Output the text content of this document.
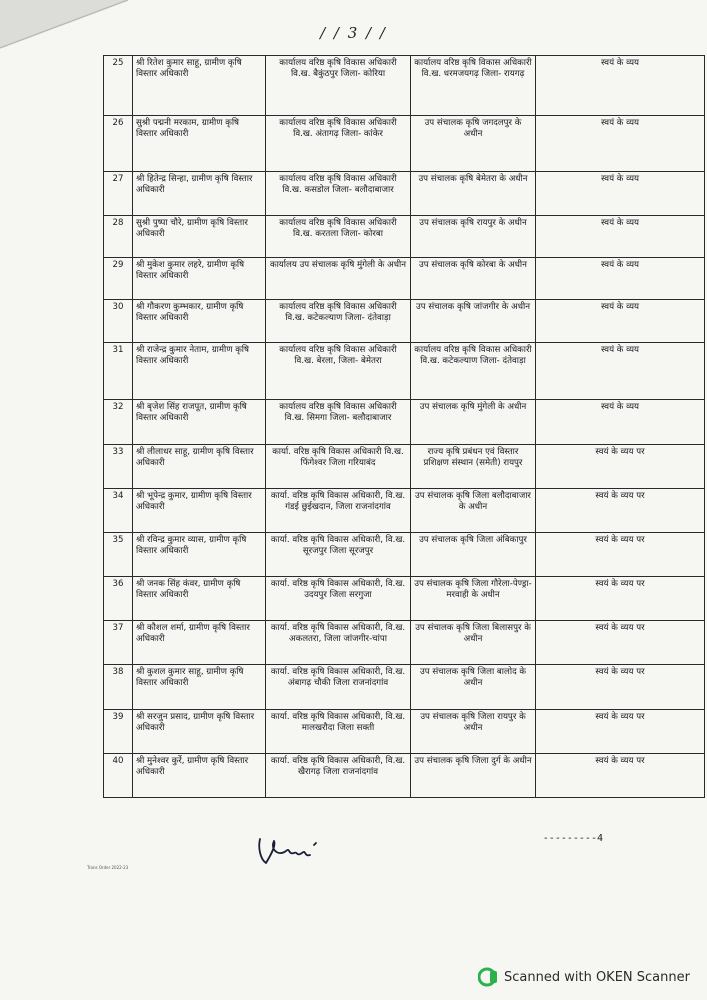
/ / 3 / /
25	श्री रितेश कुमार साहू, ग्रामीण कृषि विस्तार अधिकारी	कार्यालय वरिष्ठ कृषि विकास अधिकारी वि.ख. बैकुंठपुर जिला- कोरिया	कार्यालय वरिष्ठ कृषि विकास अधिकारी वि.ख. धरमजयगढ़ जिला- रायगढ़	स्वयं के व्यय
26	सुश्री पद्मनी मरकाम, ग्रामीण कृषि विस्तार अधिकारी	कार्यालय वरिष्ठ कृषि विकास अधिकारी वि.ख. अंतागढ़ जिला- कांकेर	उप संचालक कृषि जगदलपुर के अधीन	स्वयं के व्यय
27	श्री हितेन्द्र सिन्हा, ग्रामीण कृषि विस्तार अधिकारी	कार्यालय वरिष्ठ कृषि विकास अधिकारी वि.ख. कसडोल जिला- बलौदाबाजार	उप संचालक कृषि बेमेतरा के अधीन	स्वयं के व्यय
28	सुश्री पुष्पा चौरे, ग्रामीण कृषि विस्तार अधिकारी	कार्यालय वरिष्ठ कृषि विकास अधिकारी वि.ख. करतला जिला- कोरबा	उप संचालक कृषि रायपुर के अधीन	स्वयं के व्यय
29	श्री मुकेश कुमार लहरे, ग्रामीण कृषि विस्तार अधिकारी	कार्यालय उप संचालक कृषि मुंगेली के अधीन	उप संचालक कृषि कोरबा के अधीन	स्वयं के व्यय
30	श्री गौकरण कुम्भकार, ग्रामीण कृषि विस्तार अधिकारी	कार्यालय वरिष्ठ कृषि विकास अधिकारी वि.ख. कटेकल्याण जिला- दंतेवाड़ा	उप संचालक कृषि जांजगीर के अधीन	स्वयं के व्यय
31	श्री राजेन्द्र कुमार नेताम, ग्रामीण कृषि विस्तार अधिकारी	कार्यालय वरिष्ठ कृषि विकास अधिकारी वि.ख. बेरला, जिला- बेमेतरा	कार्यालय वरिष्ठ कृषि विकास अधिकारी वि.ख. कटेकल्याण जिला- दंतेवाड़ा	स्वयं के व्यय
32	श्री बृजेश सिंह राजपूत, ग्रामीण कृषि विस्तार अधिकारी	कार्यालय वरिष्ठ कृषि विकास अधिकारी वि.ख. सिमगा जिला- बलौदाबाजार	उप संचालक कृषि मुंगेली के अधीन	स्वयं के व्यय
33	श्री लीलाधर साहू, ग्रामीण कृषि विस्तार अधिकारी	कार्या. वरिष्ठ कृषि विकास अधिकारी वि.ख. फिंगेश्वर जिला गरियाबंद	राज्य कृषि प्रबंधन एवं विस्तार प्रशिक्षण संस्थान (समेती) रायपुर	स्वयं के व्यय पर
34	श्री भूपेन्द्र कुमार, ग्रामीण कृषि विस्तार अधिकारी	कार्या. वरिष्ठ कृषि विकास अधिकारी, वि.ख. गंडई छुईखदान, जिला राजनांदगांव	उप संचालक कृषि जिला बलौदाबाजार के अधीन	स्वयं के व्यय पर
35	श्री रविन्द्र कुमार व्यास, ग्रामीण कृषि विस्तार अधिकारी	कार्या. वरिष्ठ कृषि विकास अधिकारी, वि.ख. सूरजपुर जिला सूरजपुर	उप संचालक कृषि जिला अंबिकापुर	स्वयं के व्यय पर
36	श्री जनक सिंह कंवर, ग्रामीण कृषि विस्तार अधिकारी	कार्या. वरिष्ठ कृषि विकास अधिकारी, वि.ख. उदयपुर जिला सरगुजा	उप संचालक कृषि जिला गौरेला-पेण्ड्रा-मरवाही के अधीन	स्वयं के व्यय पर
37	श्री कौशल शर्मा, ग्रामीण कृषि विस्तार अधिकारी	कार्या. वरिष्ठ कृषि विकास अधिकारी, वि.ख. अकलतरा, जिला जांजगीर-चांपा	उप संचालक कृषि जिला बिलासपुर के अधीन	स्वयं के व्यय पर
38	श्री कुशल कुमार साहू, ग्रामीण कृषि विस्तार अधिकारी	कार्या. वरिष्ठ कृषि विकास अधिकारी, वि.ख. अंबागढ़ चौकी जिला राजनांदगांव	उप संचालक कृषि जिला बालोद के अधीन	स्वयं के व्यय पर
39	श्री सरजुन प्रसाद, ग्रामीण कृषि विस्तार अधिकारी	कार्या. वरिष्ठ कृषि विकास अधिकारी, वि.ख. मालखरौदा जिला सक्ती	उप संचालक कृषि जिला रायपुर के अधीन	स्वयं के व्यय पर
40	श्री मुनेश्वर कुर्रे, ग्रामीण कृषि विस्तार अधिकारी	कार्या. वरिष्ठ कृषि विकास अधिकारी, वि.ख. खैरागढ़ जिला राजनांदगांव	उप संचालक कृषि जिला दुर्ग के अधीन	स्वयं के व्यय पर
---------4
Trans Order 2022-23
Scanned with OKEN Scanner
